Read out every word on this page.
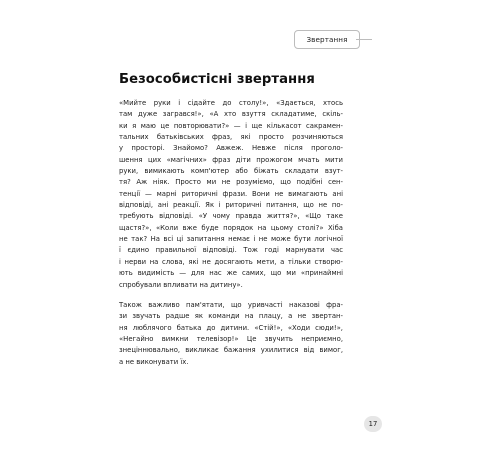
Звертання
Безособистісні звертання

«Мийте руки і сідайте до столу!», «Здається, хтось
там дуже загрався!», «А хто взуття складатиме, скіль-
ки я маю це повторювати?» — і ще кількасот сакрамен-
тальних батьківських фраз, які просто розчиняються
у просторі. Знайомо? Авжеж. Невже після проголо-
шення цих «магічних» фраз діти прожогом мчать мити
руки, вимикають комп'ютер або біжать складати взут-
тя? Аж ніяк. Просто ми не розуміємо, що подібні сен-
тенції — марні риторичні фрази. Вони не вимагають ані
відповіді, ані реакції. Як і риторичні питання, що не по-
требують відповіді. «У чому правда життя?», «Що таке
щастя?», «Коли вже буде порядок на цьому столі?» Хіба
не так? На всі ці запитання немає і не може бути логічної
ї єдино правильної відповіді. Тож годі марнувати час
і нерви на слова, які не досягають мети, а тільки створю-
ють видимість — для нас же самих, що ми «принаймні
спробували впливати на дитину».

Також важливо пам'ятати, що уривчасті наказові фра-
зи звучать радше як команди на плацу, а не звертан-
ня люблячого батька до дитини. «Стій!», «Ходи сюди!»,
«Негайно вимкни телевізор!» Це звучить неприємно,
знеціннювально, викликає бажання ухилитися від вимог,
а не виконувати їх.

17
